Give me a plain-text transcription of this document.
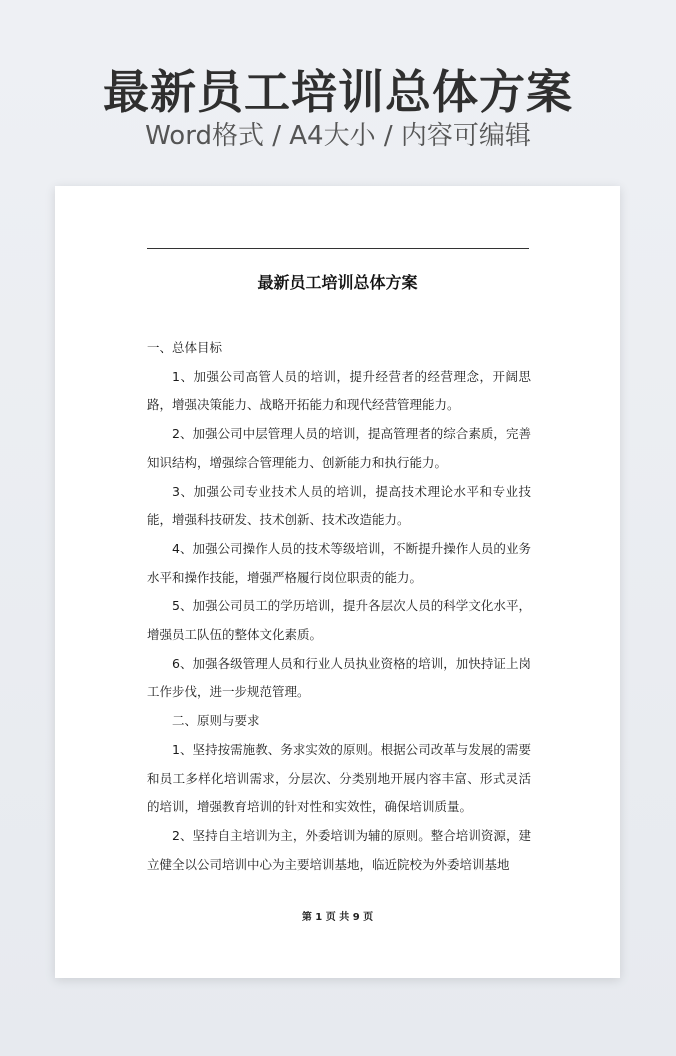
最新员工培训总体方案
Word格式 / A4大小 / 内容可编辑
最新员工培训总体方案

一、总体目标

1、加强公司高管人员的培训，提升经营者的经营理念，开阔思路，增强决策能力、战略开拓能力和现代经营管理能力。

2、加强公司中层管理人员的培训，提高管理者的综合素质，完善知识结构，增强综合管理能力、创新能力和执行能力。

3、加强公司专业技术人员的培训，提高技术理论水平和专业技能，增强科技研发、技术创新、技术改造能力。

4、加强公司操作人员的技术等级培训，不断提升操作人员的业务水平和操作技能，增强严格履行岗位职责的能力。

5、加强公司员工的学历培训，提升各层次人员的科学文化水平，增强员工队伍的整体文化素质。

6、加强各级管理人员和行业人员执业资格的培训，加快持证上岗工作步伐，进一步规范管理。

二、原则与要求

1、坚持按需施教、务求实效的原则。根据公司改革与发展的需要和员工多样化培训需求，分层次、分类别地开展内容丰富、形式灵活的培训，增强教育培训的针对性和实效性，确保培训质量。

2、坚持自主培训为主，外委培训为辅的原则。整合培训资源，建立健全以公司培训中心为主要培训基地，临近院校为外委培训基地

第 1 页 共 9 页
